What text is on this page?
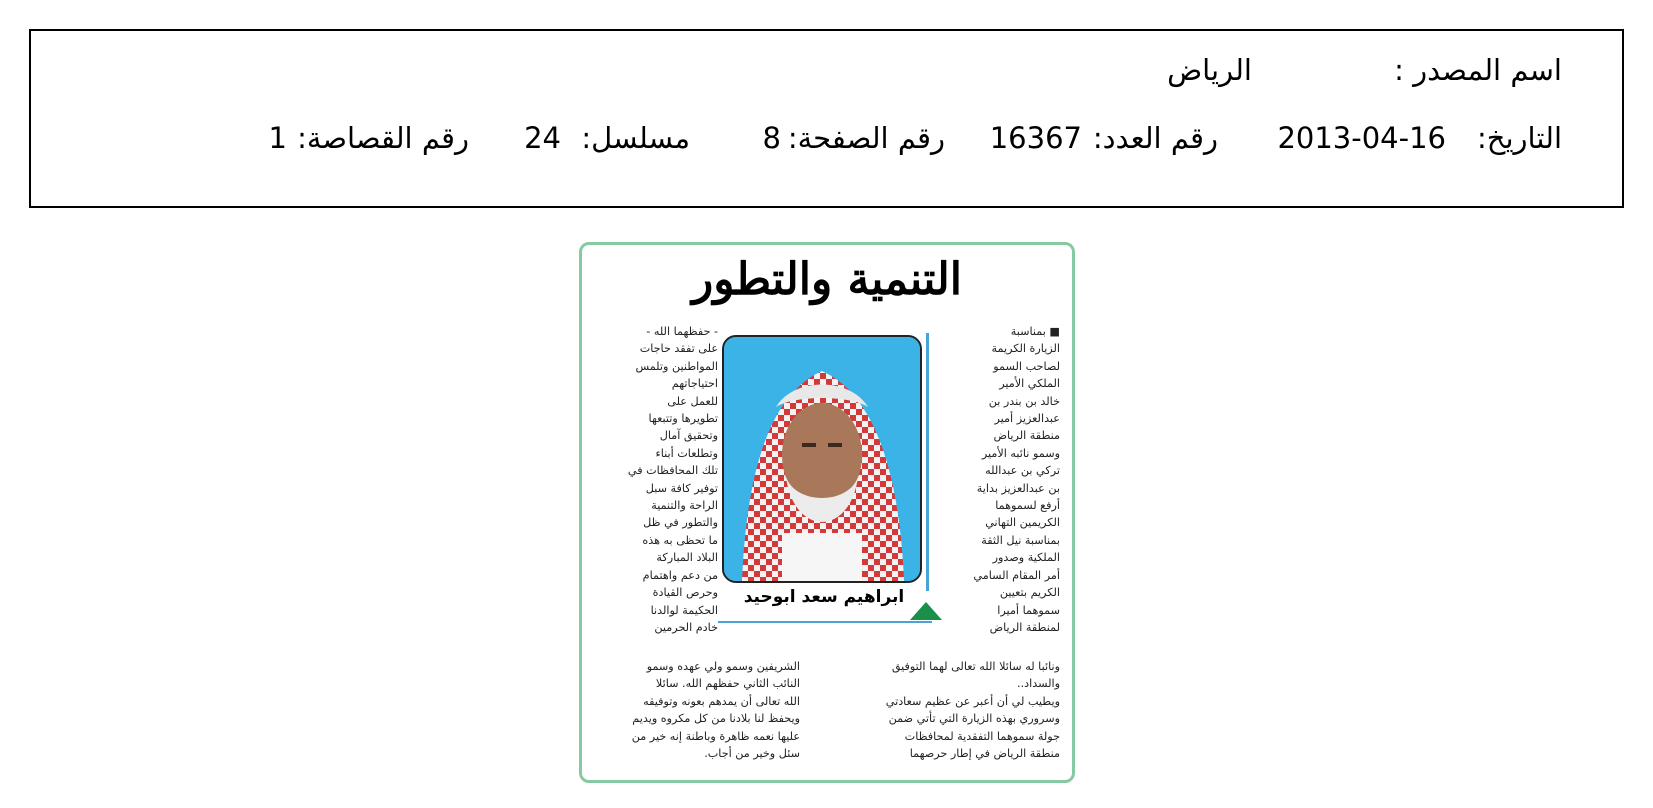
اسم المصدر :
الرياض
التاريخ:
2013-04-16
رقم العدد:
16367
رقم الصفحة:
8
مسلسل:
24
رقم القصاصة:
1
التنمية والتطور
■ بمناسبة
الزيارة الكريمة
لصاحب السمو
الملكي الأمير
خالد بن بندر بن
عبدالعزيز أمير
منطقة الرياض
وسمو نائبه الأمير
تركي بن عبدالله
بن عبدالعزيز بداية
أرفع لسموهما
الكريمين التهاني
بمناسبة نيل الثقة
الملكية وصدور
أمر المقام السامي
الكريم بتعيين
سموهما أميرا
لمنطقة الرياض
- حفظهما الله -
على تفقد حاجات
المواطنين وتلمس
احتياجاتهم
للعمل على
تطويرها وتتبعها
وتحقيق آمال
وتطلعات أبناء
تلك المحافظات في
توفير كافة سبل
الراحة والتنمية
والتطور في ظل
ما تحظى به هذه
البلاد المباركة
من دعم واهتمام
وحرص القيادة
الحكيمة لوالدنا
خادم الحرمين
ابراهيم سعد ابوحيد
ونائبا له سائلا الله تعالى لهما التوفيق
والسداد..
ويطيب لي أن أعبر عن عظيم سعادتي
وسروري بهذه الزيارة التي تأتي ضمن
جولة سموهما التفقدية لمحافظات
منطقة الرياض في إطار حرصهما
الشريفين وسمو ولي عهده وسمو
النائب الثاني حفظهم الله. سائلا
الله تعالى أن يمدهم بعونه وتوفيقه
ويحفظ لنا بلادنا من كل مكروه ويديم
عليها نعمه ظاهرة وباطنة إنه خير من
سئل وخير من أجاب.
